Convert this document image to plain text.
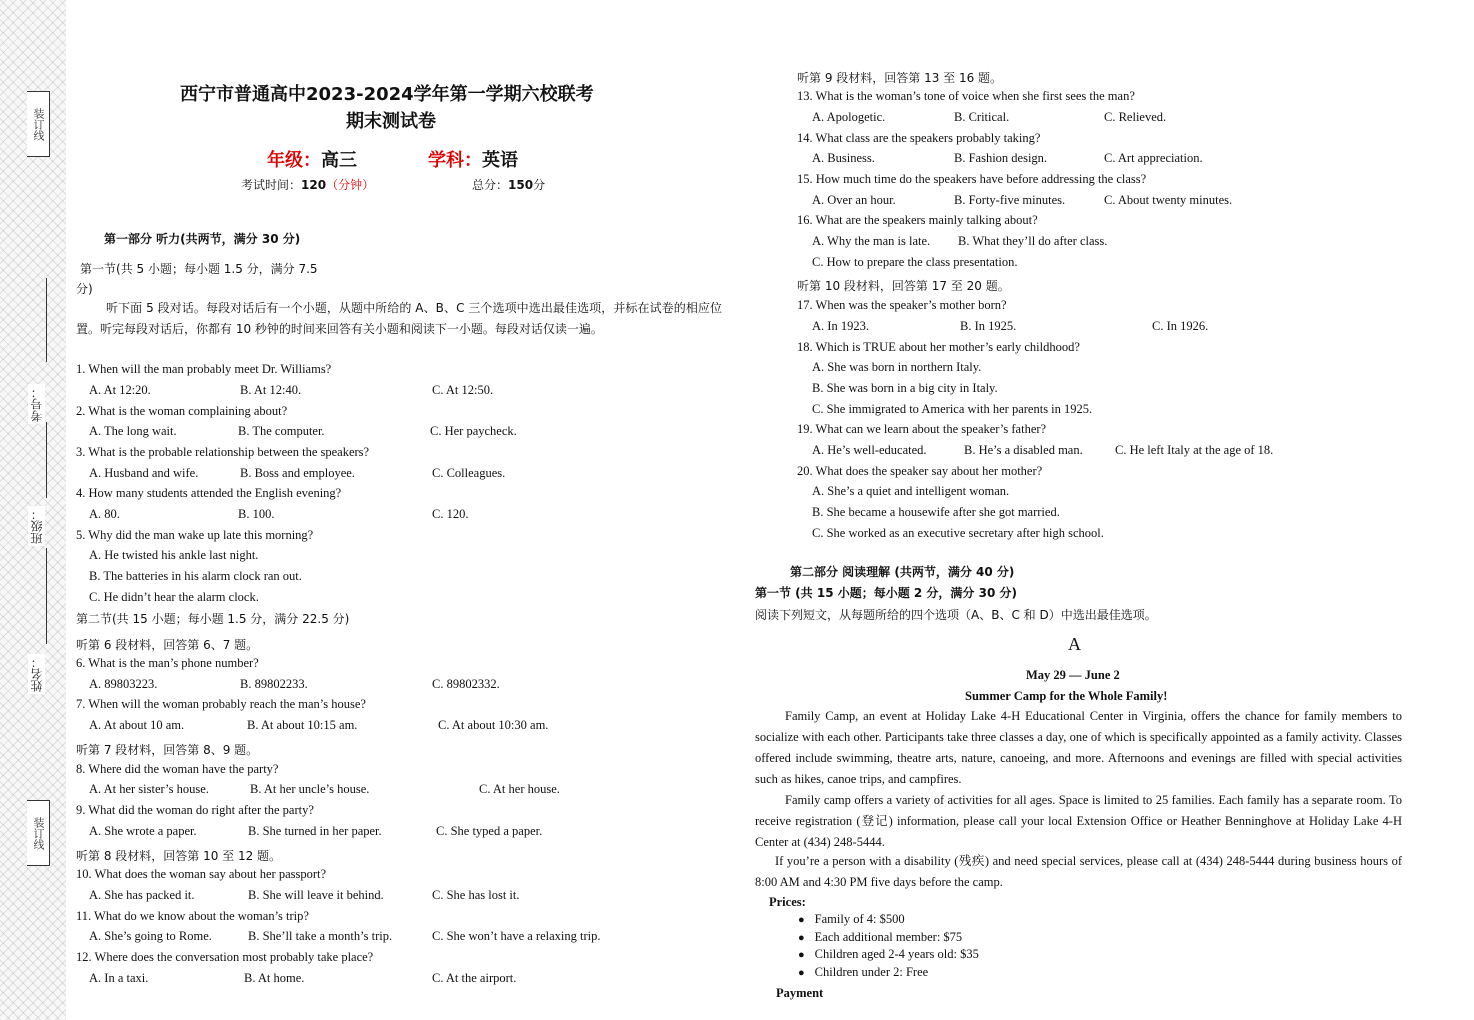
装订线
装订线
考号：
班级：
姓名：
西宁市普通高中2023-2024学年第一学期六校联考
期末测试卷
年级：高三	学科：英语
考试时间：120（分钟）	总分：150分
第一部分 听力(共两节，满分 30 分)
第一节(共 5 小题；每小题 1.5 分，满分 7.5
分)
听下面 5 段对话。每段对话后有一个小题，从题中所给的 A、B、C 三个选项中选出最佳选项，并标在试卷的相应位置。听完每段对话后，你都有 10 秒钟的时间来回答有关小题和阅读下一小题。每段对话仅读一遍。
1. When will the man probably meet Dr. Williams?
A. At 12:20.	B. At 12:40.	C. At 12:50.
2. What is the woman complaining about?
A. The long wait.	B. The computer.	C. Her paycheck.
3. What is the probable relationship between the speakers?
A. Husband and wife.	B. Boss and employee.	C. Colleagues.
4. How many students attended the English evening?
A. 80.	B. 100.	C. 120.
5. Why did the man wake up late this morning?
A. He twisted his ankle last night.
B. The batteries in his alarm clock ran out.
C. He didn’t hear the alarm clock.
第二节(共 15 小题；每小题 1.5 分，满分 22.5 分)
听第 6 段材料，回答第 6、7 题。
6. What is the man’s phone number?
A. 89803223.	B. 89802233.	C. 89802332.
7. When will the woman probably reach the man’s house?
A. At about 10 am.	B. At about 10:15 am.	C. At about 10:30 am.
听第 7 段材料，回答第 8、9 题。
8. Where did the woman have the party?
A. At her sister’s house.	B. At her uncle’s house.	C. At her house.
9. What did the woman do right after the party?
A. She wrote a paper.	B. She turned in her paper.	C. She typed a paper.
听第 8 段材料，回答第 10 至 12 题。
10. What does the woman say about her passport?
A. She has packed it.	B. She will leave it behind.	C. She has lost it.
11. What do we know about the woman’s trip?
A. She’s going to Rome.	B. She’ll take a month’s trip.	C. She won’t have a relaxing trip.
12. Where does the conversation most probably take place?
A. In a taxi.	B. At home.	C. At the airport.
听第 9 段材料，回答第 13 至 16 题。
13. What is the woman’s tone of voice when she first sees the man?
A. Apologetic.	B. Critical.	C. Relieved.
14. What class are the speakers probably taking?
A. Business.	B. Fashion design.	C. Art appreciation.
15. How much time do the speakers have before addressing the class?
A. Over an hour.	B. Forty-five minutes.	C. About twenty minutes.
16. What are the speakers mainly talking about?
A. Why the man is late. B. What they’ll do after class.
C. How to prepare the class presentation.
听第 10 段材料，回答第 17 至 20 题。
17. When was the speaker’s mother born?
A. In 1923.	B. In 1925.	C. In 1926.
18. Which is TRUE about her mother’s early childhood?
A. She was born in northern Italy.
B. She was born in a big city in Italy.
C. She immigrated to America with her parents in 1925.
19. What can we learn about the speaker’s father?
A. He’s well-educated.	B. He’s a disabled man.	C. He left Italy at the age of 18.
20. What does the speaker say about her mother?
A. She’s a quiet and intelligent woman.
B. She became a housewife after she got married.
C. She worked as an executive secretary after high school.
第二部分 阅读理解 (共两节，满分 40 分)
第一节 (共 15 小题；每小题 2 分，满分 30 分)
阅读下列短文，从每题所给的四个选项（A、B、C 和 D）中选出最佳选项。
A
May 29 — June 2
Summer Camp for the Whole Family!
Family Camp, an event at Holiday Lake 4-H Educational Center in Virginia, offers the chance for family members to socialize with each other. Participants take three classes a day, one of which is specifically appointed as a family activity. Classes offered include swimming, theatre arts, nature, canoeing, and more. Afternoons and evenings are filled with special activities such as hikes, canoe trips, and campfires.
Family camp offers a variety of activities for all ages. Space is limited to 25 families. Each family has a separate room. To receive registration (登记) information, please call your local Extension Office or Heather Benninghove at Holiday Lake 4-H Center at (434) 248-5444.
If you’re a person with a disability (残疾) and need special services, please call at (434) 248-5444 during business hours of 8:00 AM and 4:30 PM five days before the camp.
Prices:
● Family of 4: $500
● Each additional member: $75
● Children aged 2-4 years old: $35
● Children under 2: Free
Payment
